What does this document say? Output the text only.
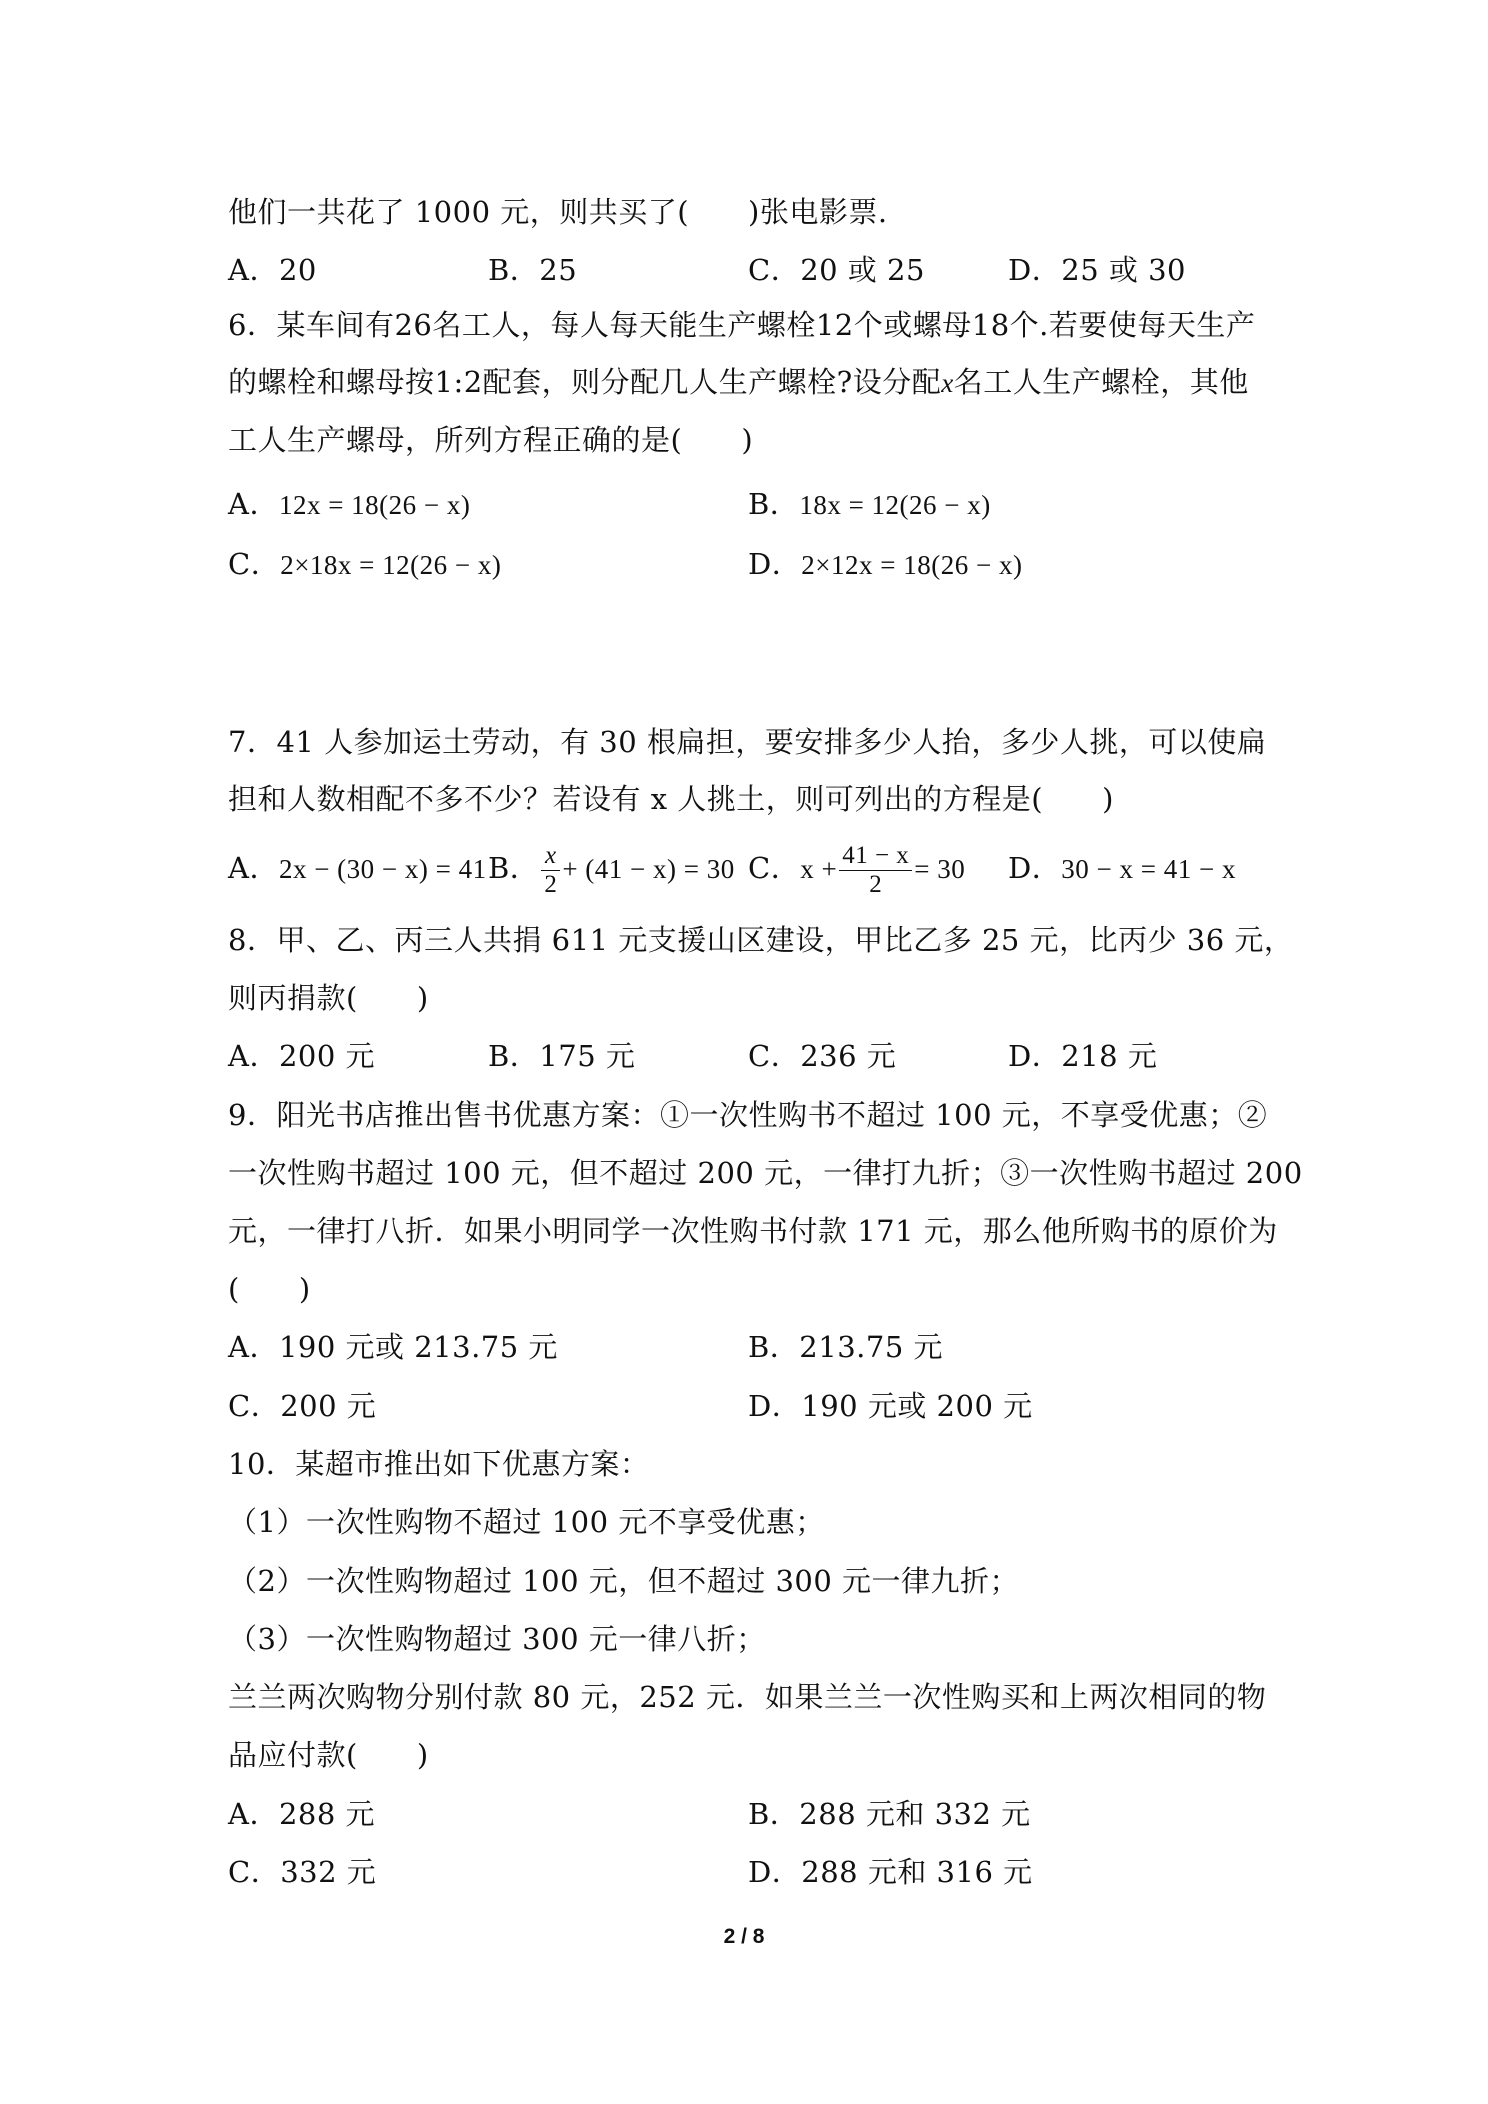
他们一共花了 1000 元，则共买了(　　)张电影票.
A．20	B．25	C．20 或 25	D．25 或 30
6．某车间有26名工人，每人每天能生产螺栓12个或螺母18个.若要使每天生产
的螺栓和螺母按1:2配套，则分配几人生产螺栓?设分配x名工人生产螺栓，其他
工人生产螺母，所列方程正确的是(　　)
A．12x = 18(26 − x)	B．18x = 12(26 − x)
C．2×18x = 12(26 − x)	D．2×12x = 18(26 − x)
7．41 人参加运土劳动，有 30 根扁担，要安排多少人抬，多少人挑，可以使扁
担和人数相配不多不少？若设有 x 人挑土，则可列出的方程是(　　)
A．2x − (30 − x) = 41 B． $\frac{x}{2} + (41 - x) = 30$ C．$x + \frac{41 - x}{2} = 30$ D．30 − x = 41 − x
8．甲、乙、丙三人共捐 611 元支援山区建设，甲比乙多 25 元，比丙少 36 元，
则丙捐款(　　)
A．200 元	B．175 元	C．236 元	D．218 元
9．阳光书店推出售书优惠方案：①一次性购书不超过 100 元，不享受优惠；②
一次性购书超过 100 元，但不超过 200 元，一律打九折；③一次性购书超过 200
元，一律打八折．如果小明同学一次性购书付款 171 元，那么他所购书的原价为
(　　)
A．190 元或 213.75 元	B．213.75 元
C．200 元	D．190 元或 200 元
10．某超市推出如下优惠方案：
（1）一次性购物不超过 100 元不享受优惠；
（2）一次性购物超过 100 元，但不超过 300 元一律九折；
（3）一次性购物超过 300 元一律八折；
兰兰两次购物分别付款 80 元，252 元．如果兰兰一次性购买和上两次相同的物
品应付款(　　)
A．288 元	B．288 元和 332 元
C．332 元	D．288 元和 316 元
2 / 8
